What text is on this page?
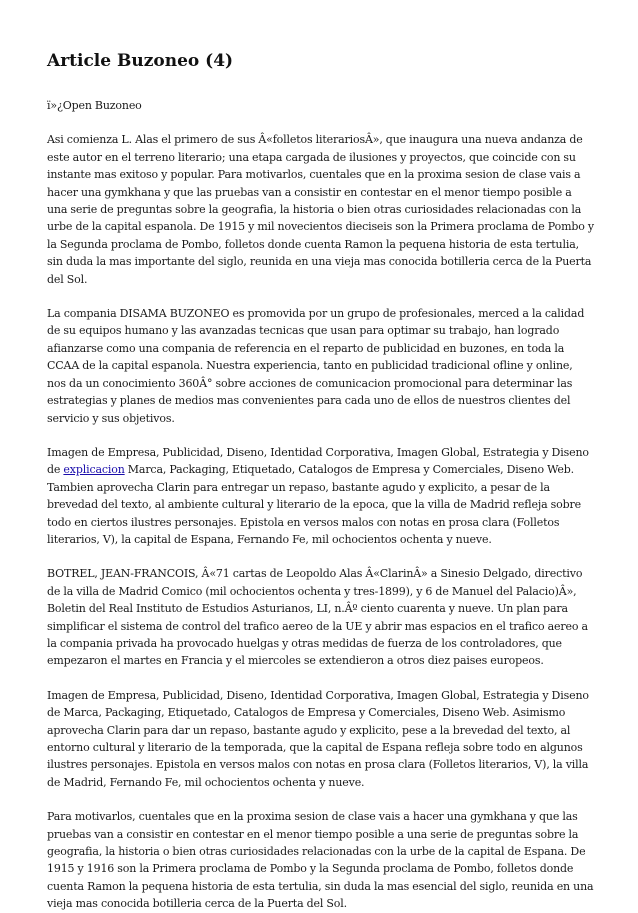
Article Buzoneo (4)

ï»¿Open Buzoneo

Asi comienza L. Alas el primero de sus Â«folletos literariosÂ», que inaugura una nueva andanza de este autor en el terreno literario; una etapa cargada de ilusiones y proyectos, que coincide con su instante mas exitoso y popular. Para motivarlos, cuentales que en la proxima sesion de clase vais a hacer una gymkhana y que las pruebas van a consistir en contestar en el menor tiempo posible a una serie de preguntas sobre la geografia, la historia o bien otras curiosidades relacionadas con la urbe de la capital espanola. De 1915 y mil novecientos dieciseis son la Primera proclama de Pombo y la Segunda proclama de Pombo, folletos donde cuenta Ramon la pequena historia de esta tertulia, sin duda la mas importante del siglo, reunida en una vieja mas conocida botilleria cerca de la Puerta del Sol.

La compania DISAMA BUZONEO es promovida por un grupo de profesionales, merced a la calidad de su equipos humano y las avanzadas tecnicas que usan para optimar su trabajo, han logrado afianzarse como una compania de referencia en el reparto de publicidad en buzones, en toda la CCAA de la capital espanola. Nuestra experiencia, tanto en publicidad tradicional ofline y online, nos da un conocimiento 360Â° sobre acciones de comunicacion promocional para determinar las estrategias y planes de medios mas convenientes para cada uno de ellos de nuestros clientes del servicio y sus objetivos.

Imagen de Empresa, Publicidad, Diseno, Identidad Corporativa, Imagen Global, Estrategia y Diseno de explicacion Marca, Packaging, Etiquetado, Catalogos de Empresa y Comerciales, Diseno Web. Tambien aprovecha Clarin para entregar un repaso, bastante agudo y explicito, a pesar de la brevedad del texto, al ambiente cultural y literario de la epoca, que la villa de Madrid refleja sobre todo en ciertos ilustres personajes. Epistola en versos malos con notas en prosa clara (Folletos literarios, V), la capital de Espana, Fernando Fe, mil ochocientos ochenta y nueve.

BOTREL, JEAN-FRANCOIS, Â«71 cartas de Leopoldo Alas Â«ClarinÂ» a Sinesio Delgado, directivo de la villa de Madrid Comico (mil ochocientos ochenta y tres-1899), y 6 de Manuel del Palacio)Â», Boletin del Real Instituto de Estudios Asturianos, LI, n.Âº ciento cuarenta y nueve. Un plan para simplificar el sistema de control del trafico aereo de la UE y abrir mas espacios en el trafico aereo a la compania privada ha provocado huelgas y otras medidas de fuerza de los controladores, que empezaron el martes en Francia y el miercoles se extendieron a otros diez paises europeos.

Imagen de Empresa, Publicidad, Diseno, Identidad Corporativa, Imagen Global, Estrategia y Diseno de Marca, Packaging, Etiquetado, Catalogos de Empresa y Comerciales, Diseno Web. Asimismo aprovecha Clarin para dar un repaso, bastante agudo y explicito, pese a la brevedad del texto, al entorno cultural y literario de la temporada, que la capital de Espana refleja sobre todo en algunos ilustres personajes. Epistola en versos malos con notas en prosa clara (Folletos literarios, V), la villa de Madrid, Fernando Fe, mil ochocientos ochenta y nueve.

Para motivarlos, cuentales que en la proxima sesion de clase vais a hacer una gymkhana y que las pruebas van a consistir en contestar en el menor tiempo posible a una serie de preguntas sobre la geografia, la historia o bien otras curiosidades relacionadas con la urbe de la capital de Espana. De 1915 y 1916 son la Primera proclama de Pombo y la Segunda proclama de Pombo, folletos donde cuenta Ramon la pequena historia de esta tertulia, sin duda la mas esencial del siglo, reunida en una vieja mas conocida botilleria cerca de la Puerta del Sol.
